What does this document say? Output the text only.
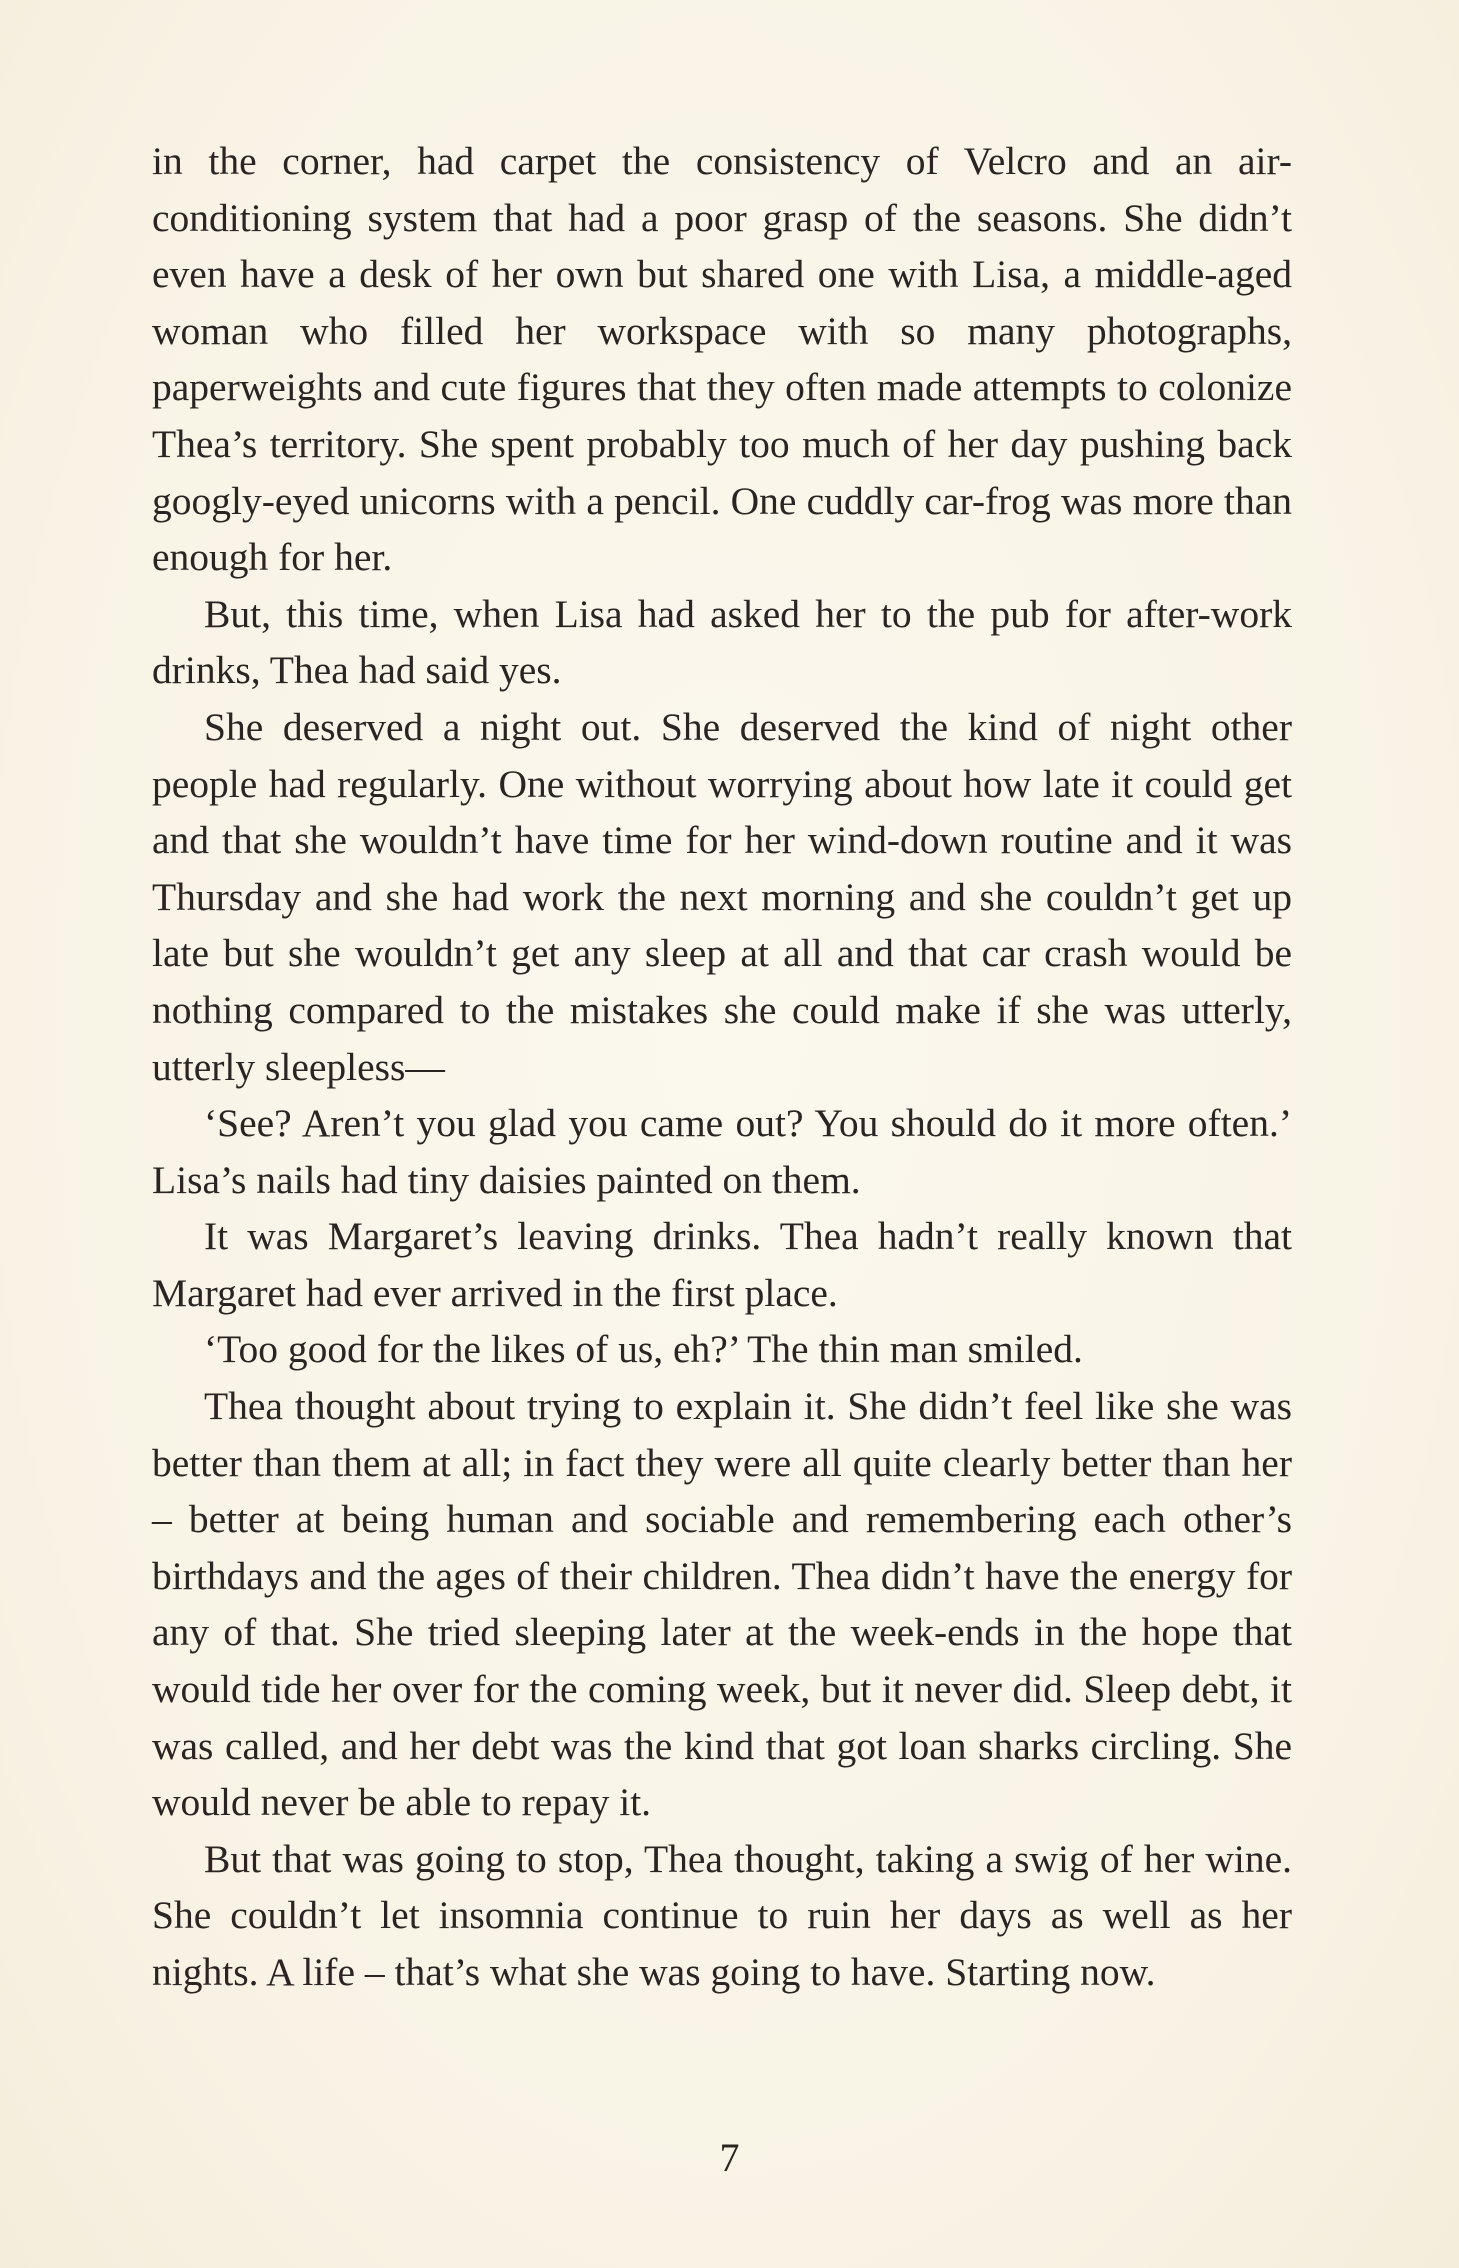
in the corner, had carpet the consistency of Velcro and an air-conditioning system that had a poor grasp of the seasons. She didn’t even have a desk of her own but shared one with Lisa, a middle-aged woman who filled her workspace with so many photographs, paperweights and cute figures that they often made attempts to colonize Thea’s territory. She spent probably too much of her day pushing back googly-eyed unicorns with a pencil. One cuddly car-frog was more than enough for her.

But, this time, when Lisa had asked her to the pub for after-work drinks, Thea had said yes.

She deserved a night out. She deserved the kind of night other people had regularly. One without worrying about how late it could get and that she wouldn’t have time for her wind-down routine and it was Thursday and she had work the next morning and she couldn’t get up late but she wouldn’t get any sleep at all and that car crash would be nothing compared to the mistakes she could make if she was utterly, utterly sleepless—

‘See? Aren’t you glad you came out? You should do it more often.’ Lisa’s nails had tiny daisies painted on them.

It was Margaret’s leaving drinks. Thea hadn’t really known that Margaret had ever arrived in the first place.

‘Too good for the likes of us, eh?’ The thin man smiled.

Thea thought about trying to explain it. She didn’t feel like she was better than them at all; in fact they were all quite clearly better than her – better at being human and sociable and remembering each other’s birthdays and the ages of their children. Thea didn’t have the energy for any of that. She tried sleeping later at the week-ends in the hope that would tide her over for the coming week, but it never did. Sleep debt, it was called, and her debt was the kind that got loan sharks circling. She would never be able to repay it.

But that was going to stop, Thea thought, taking a swig of her wine. She couldn’t let insomnia continue to ruin her days as well as her nights. A life – that’s what she was going to have. Starting now.

7
